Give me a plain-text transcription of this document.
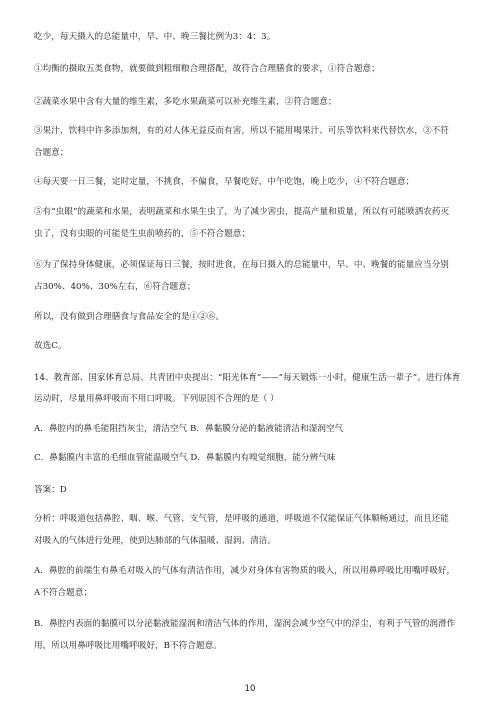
吃少，每天摄入的总能量中，早、中、晚三餐比例为3：4：3。
①均衡的摄取五类食物，就要做到粗细粮合理搭配，故符合合理膳食的要求，①符合题意；
②蔬菜水果中含有大量的维生素，多吃水果蔬菜可以补充维生素，②符合题意；
③果汁、饮料中许多添加剂，有的对人体无益反而有害，所以不能用喝果汁、可乐等饮料来代替饮水，③不符
合题意；
④每天要一日三餐，定时定量，不挑食，不偏食，早餐吃好，中午吃饱，晚上吃少，④不符合题意；
⑤有“虫眼”的蔬菜和水果，表明蔬菜和水果生虫了，为了减少害虫，提高产量和质量，所以有可能喷洒农药灭
虫了，没有虫眼的可能是生虫前喷药的，⑤不符合题意；
⑥为了保持身体健康，必须保证每日三餐，按时进食，在每日摄入的总能量中，早、中、晚餐的能量应当分别
占30%、40%、30%左右，⑥符合题意；
所以，没有做到合理膳食与食品安全的是①②⑥。
故选C。
14、教育部、国家体育总局、共青团中央提出：“阳光体育”——“每天锻炼一小时，健康生活一辈子”。进行体育
运动时，尽量用鼻呼吸而不用口呼吸。下列原因不合理的是（ ）
A．鼻腔内的鼻毛能阻挡灰尘，清洁空气 B．鼻黏膜分泌的黏液能清洁和湿润空气
C．鼻黏膜内丰富的毛细血管能温暖空气 D．鼻黏膜内有嗅觉细胞，能分辨气味
答案：D
分析：呼吸道包括鼻腔、咽、喉、气管、支气管，是呼吸的通道，呼吸道不仅能保证气体顺畅通过，而且还能
对吸入的气体进行处理，使到达肺部的气体温暖、湿润、清洁。
A．鼻腔的前端生有鼻毛对吸入的气体有清洁作用，减少对身体有害物质的吸入，所以用鼻呼吸比用嘴呼吸好，
A不符合题意；
B．鼻腔内表面的黏膜可以分泌黏液能湿润和清洁气体的作用，湿润会减少空气中的浮尘，有利于气管的润滑作
用，所以用鼻呼吸比用嘴呼吸好，B不符合题意。
10
